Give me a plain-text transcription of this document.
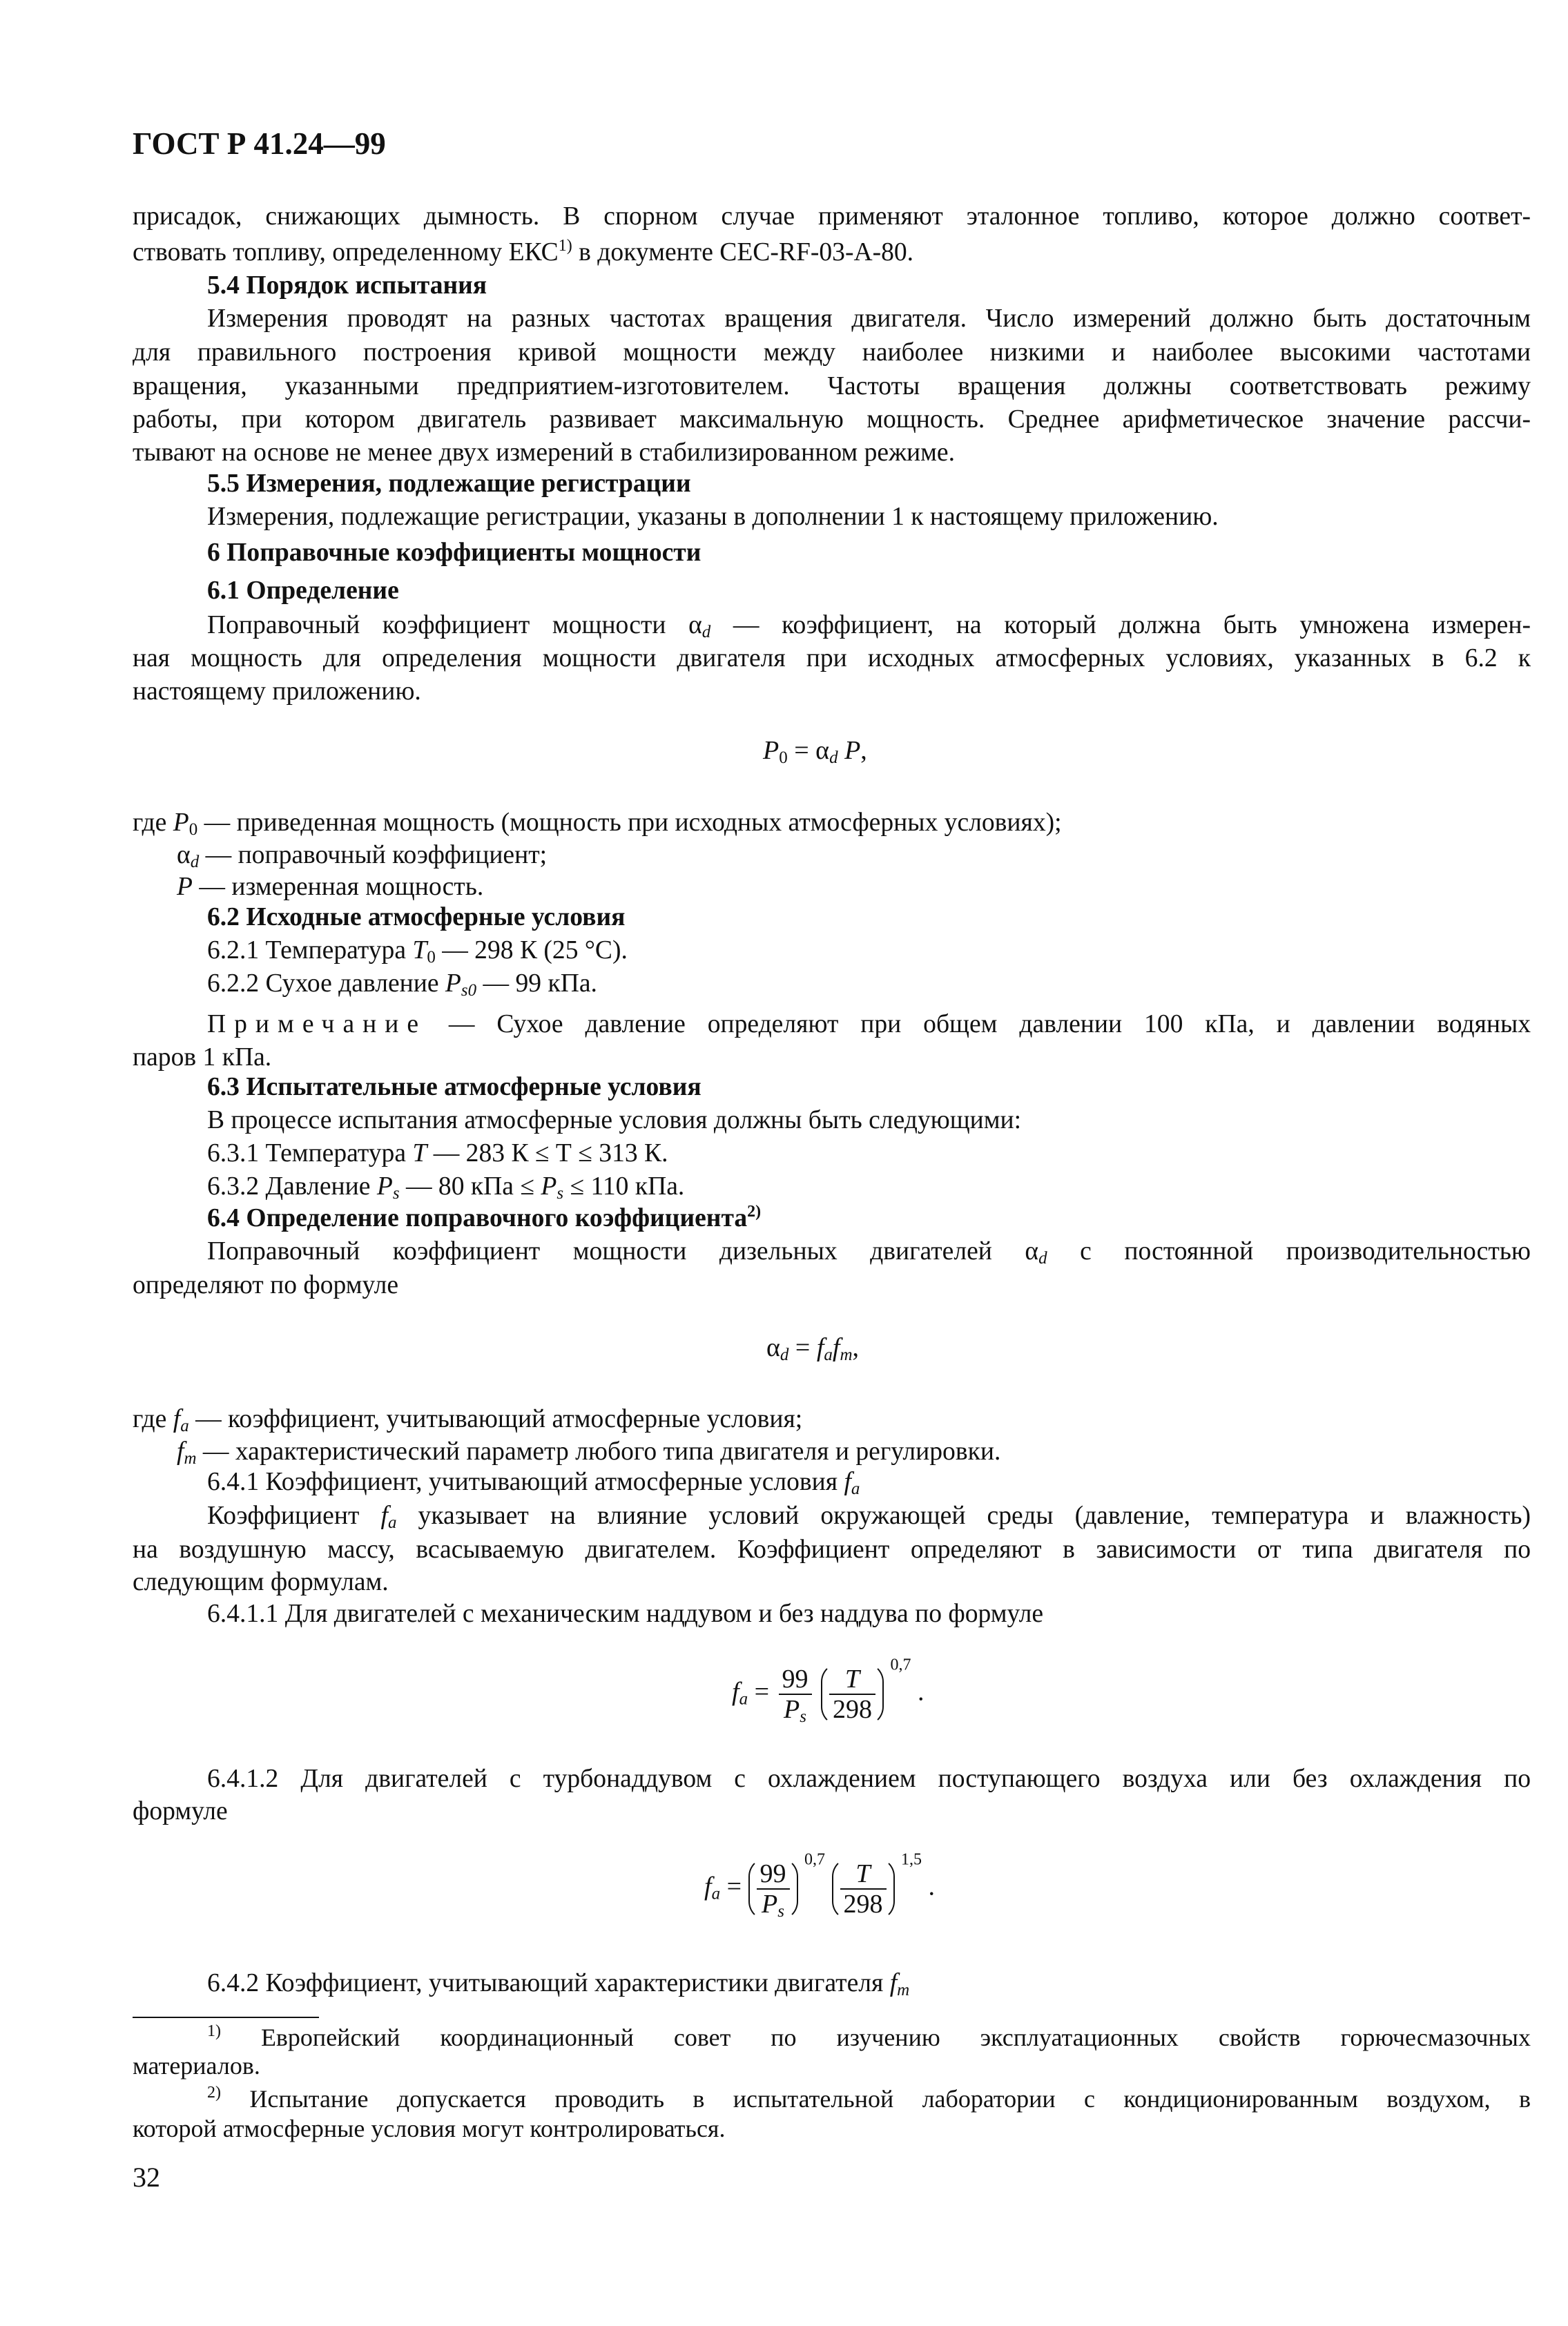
ГОСТ Р 41.24—99

присадок, снижающих дымность. В спорном случае применяют эталонное топливо, которое должно соответ-

ствовать топливу, определенному ЕКС$^{1)}$ в документе СЕС-RF-03-А-80.

5.4 Порядок испытания

Измерения проводят на разных частотах вращения двигателя. Число измерений должно быть достаточным

для правильного построения кривой мощности между наиболее низкими и наиболее высокими частотами

вращения, указанными предприятием-изготовителем. Частоты вращения должны соответствовать режиму

работы, при котором двигатель развивает максимальную мощность. Среднее арифметическое значение рассчи-

тывают на основе не менее двух измерений в стабилизированном режиме.

5.5 Измерения, подлежащие регистрации

Измерения, подлежащие регистрации, указаны в дополнении 1 к настоящему приложению.

6 Поправочные коэффициенты мощности

6.1 Определение

Поправочный коэффициент мощности $\alpha_d$ — коэффициент, на который должна быть умножена измерен-

ная мощность для определения мощности двигателя при исходных атмосферных условиях, указанных в 6.2 к

настоящему приложению.

$P_0 = \alpha_d$ P,

где $P_0$ — приведенная мощность (мощность при исходных атмосферных условиях);

$\alpha_d$ — поправочный коэффициент;

P — измеренная мощность.

6.2 Исходные атмосферные условия

6.2.1 Температура $T_0$ — 298 К (25 °С).

6.2.2 Сухое давление $P_{s0}$ — 99 кПа.

Примечание — Сухое давление определяют при общем давлении 100 кПа, и давлении водяных

паров 1 кПа.

6.3 Испытательные атмосферные условия

В процессе испытания атмосферные условия должны быть следующими:

6.3.1 Температура T — 283 К ≤ Т ≤ 313 К.

6.3.2 Давление $P_s$ — 80 кПа ≤ $P_s \le 110$ кПа.

6.4 Определение поправочного коэффициента$^{2)}$

Поправочный коэффициент мощности дизельных двигателей $\alpha_d$ с постоянной производительностью

определяют по формуле

$\alpha_d = f_af_m$,

где $f_a$ — коэффициент, учитывающий атмосферные условия;

$f_m$ — характеристический параметр любого типа двигателя и регулировки.

6.4.1 Коэффициент, учитывающий атмосферные условия $f_a$

Коэффициент $f_a$ указывает на влияние условий окружающей среды (давление, температура и влажность)

на воздушную массу, всасываемую двигателем. Коэффициент определяют в зависимости от типа двигателя по

следующим формулам.

6.4.1.1 Для двигателей с механическим наддувом и без наддува по формуле

$f_a = \frac{99}{P_s}$
$\frac{T}{298}$
$^{0,7}$ .

6.4.1.2 Для двигателей с турбонаддувом с охлаждением поступающего воздуха или без охлаждения по

формуле

$f_a = \frac{99}{P_s}$
$^{0,7}$
$\frac{T}{298}$
$^{1,5}$ .

6.4.2 Коэффициент, учитывающий характеристики двигателя $f_m$

$^{1)}$ Европейский координационный совет по изучению эксплуатационных свойств горючесмазочных

материалов.

$^{2)}$ Испытание допускается проводить в испытательной лаборатории с кондиционированным воздухом, в

которой атмосферные условия могут контролироваться.

32
